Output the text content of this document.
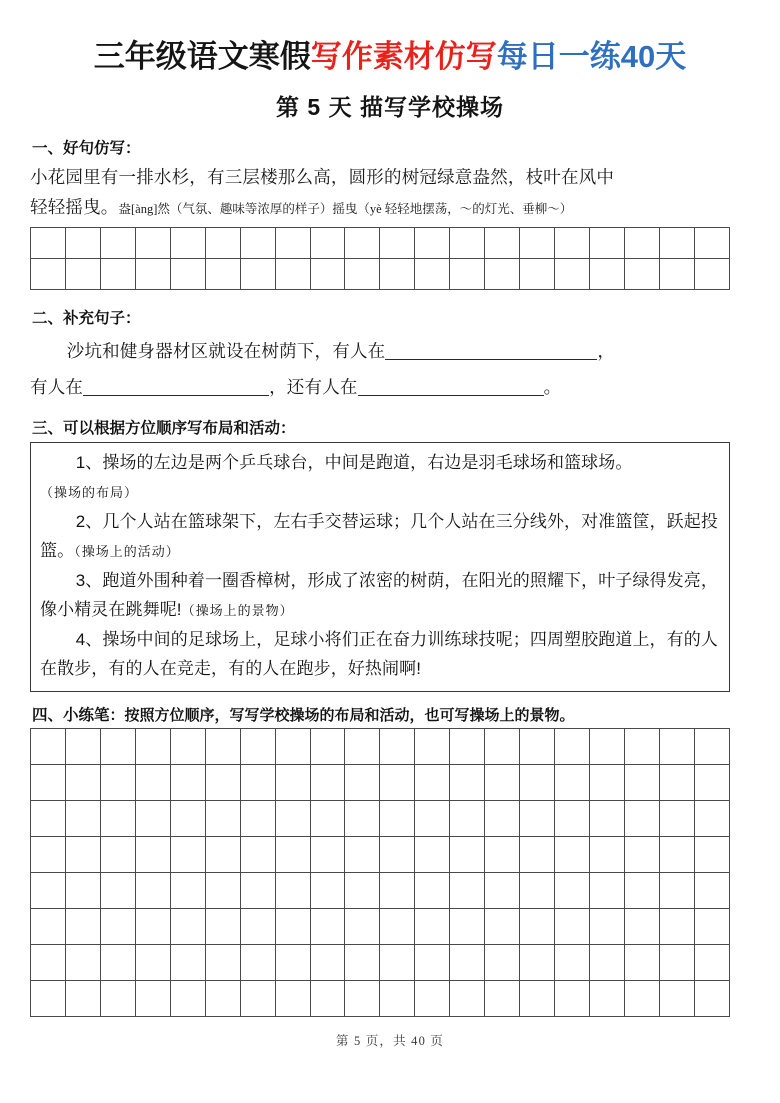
三年级语文寒假写作素材仿写每日一练40天
第 5 天 描写学校操场
一、好句仿写：
小花园里有一排水杉，有三层楼那么高，圆形的树冠绿意盎然，枝叶在风中
轻轻摇曳。盎[àng]然（气氛、趣味等浓厚的样子）摇曳（yè 轻轻地摆荡，～的灯光、垂柳～）

二、补充句子：
沙坑和健身器材区就设在树荫下，有人在	，
有人在	，还有人在	。
三、可以根据方位顺序写布局和活动：

1、操场的左边是两个乒乓球台，中间是跑道，右边是羽毛球场和篮球场。（操场的布局）

2、几个人站在篮球架下，左右手交替运球；几个人站在三分线外，对准篮筐，跃起投篮。（操场上的活动）

3、跑道外围种着一圈香樟树，形成了浓密的树荫，在阳光的照耀下，叶子绿得发亮，像小精灵在跳舞呢!（操场上的景物）

4、操场中间的足球场上，足球小将们正在奋力训练球技呢；四周塑胶跑道上，有的人在散步，有的人在竞走，有的人在跑步，好热闹啊!

四、小练笔：按照方位顺序，写写学校操场的布局和活动，也可写操场上的景物。

第 5 页，共 40 页
